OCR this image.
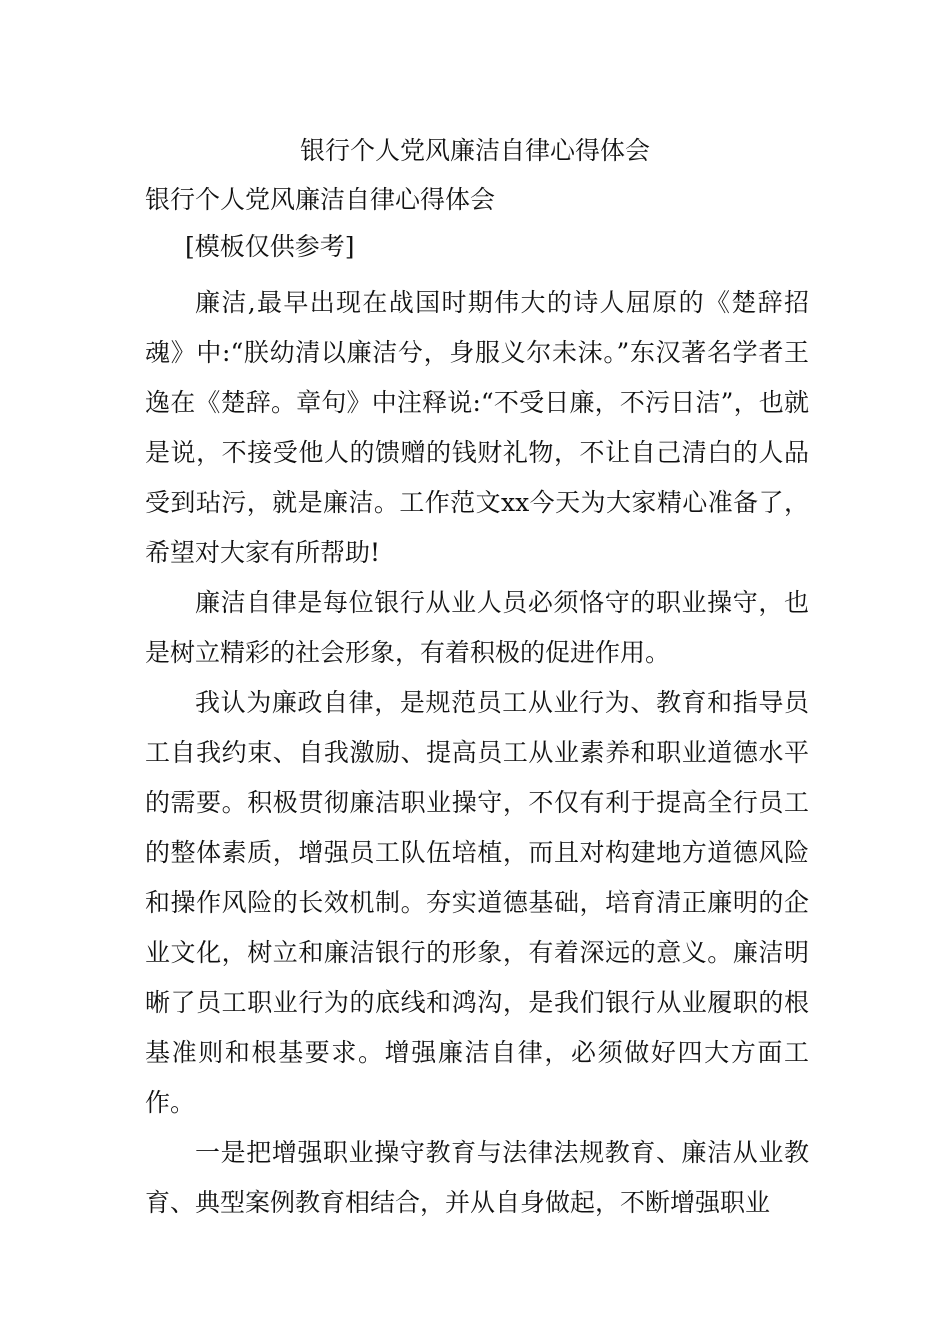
银行个人党风廉洁自律心得体会

银行个人党风廉洁自律心得体会

[模板仅供参考]

廉洁,最早出现在战国时期伟大的诗人屈原的《楚辞招魂》中:“朕幼清以廉洁兮，身服义尔未沫。”东汉著名学者王逸在《楚辞。章句》中注释说:“不受日廉，不污日洁”，也就是说，不接受他人的馈赠的钱财礼物，不让自己清白的人品受到玷污，就是廉洁。工作范文xx今天为大家精心准备了，希望对大家有所帮助!

廉洁自律是每位银行从业人员必须恪守的职业操守，也是树立精彩的社会形象，有着积极的促进作用。

我认为廉政自律，是规范员工从业行为、教育和指导员工自我约束、自我激励、提高员工从业素养和职业道德水平的需要。积极贯彻廉洁职业操守，不仅有利于提高全行员工的整体素质，增强员工队伍培植，而且对构建地方道德风险和操作风险的长效机制。夯实道德基础，培育清正廉明的企业文化，树立和廉洁银行的形象，有着深远的意义。廉洁明晰了员工职业行为的底线和鸿沟，是我们银行从业履职的根基准则和根基要求。增强廉洁自律，必须做好四大方面工作。

一是把增强职业操守教育与法律法规教育、廉洁从业教育、典型案例教育相结合，并从自身做起，不断增强职业
